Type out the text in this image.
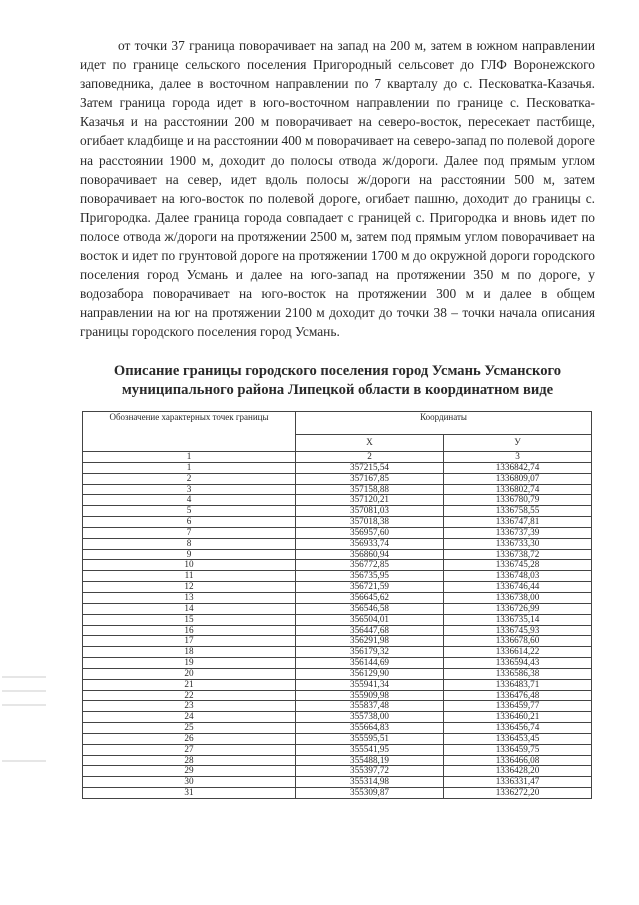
от точки 37 граница поворачивает на запад на 200 м, затем в южном направлении идет по границе сельского поселения Пригородный сельсовет до ГЛФ Воронежского заповедника, далее в восточном направлении по 7 кварталу до с. Песковатка-Казачья. Затем граница города идет в юго-восточном направлении по границе с. Песковатка-Казачья и на расстоянии 200 м поворачивает на северо-восток, пересекает пастбище, огибает кладбище и на расстоянии 400 м поворачивает на северо-запад по полевой дороге на расстоянии 1900 м, доходит до полосы отвода ж/дороги. Далее под прямым углом поворачивает на север, идет вдоль полосы ж/дороги на расстоянии 500 м, затем поворачивает на юго-восток по полевой дороге, огибает пашню, доходит до границы с. Пригородка. Далее граница города совпадает с границей с. Пригородка и вновь идет по полосе отвода ж/дороги на протяжении 2500 м, затем под прямым углом поворачивает на восток и идет по грунтовой дороге на протяжении 1700 м до окружной дороги городского поселения город Усмань и далее на юго-запад на протяжении 350 м по дороге, у водозабора поворачивает на юго-восток на протяжении 300 м и далее в общем направлении на юг на протяжении 2100 м доходит до точки 38 – точки начала описания границы городского поселения город Усмань.

Описание границы городского поселения город Усмань Усманского муниципального района Липецкой области в координатном виде
Обозначение характерных точек границы	Координаты	
	X	У
1	2	3
1	357215,54	1336842,74
2	357167,85	1336809,07
3	357158,88	1336802,74
4	357120,21	1336780,79
5	357081,03	1336758,55
6	357018,38	1336747,81
7	356957,60	1336737,39
8	356933,74	1336733,30
9	356860,94	1336738,72
10	356772,85	1336745,28
11	356735,95	1336748,03
12	356721,59	1336746,44
13	356645,62	1336738,00
14	356546,58	1336726,99
15	356504,01	1336735,14
16	356447,68	1336745,93
17	356291,98	1336678,60
18	356179,32	1336614,22
19	356144,69	1336594,43
20	356129,90	1336586,38
21	355941,34	1336483,71
22	355909,98	1336476,48
23	355837,48	1336459,77
24	355738,00	1336460,21
25	355664,83	1336456,74
26	355595,51	1336453,45
27	355541,95	1336459,75
28	355488,19	1336466,08
29	355397,72	1336428,20
30	355314,98	1336331,47
31	355309,87	1336272,20
